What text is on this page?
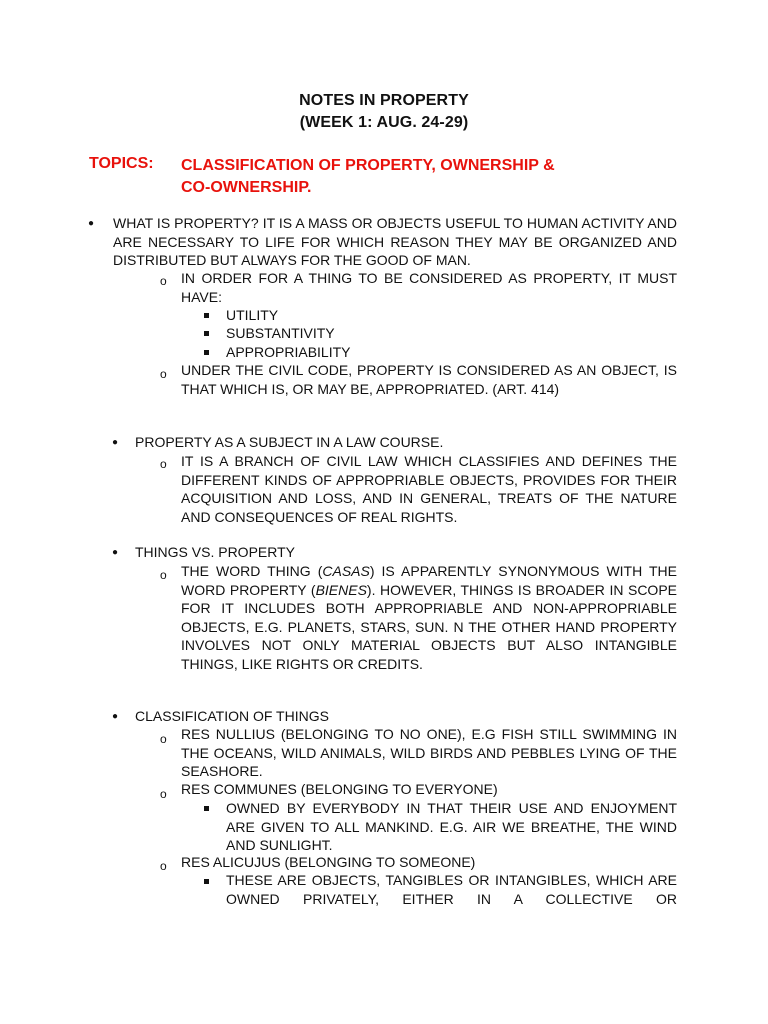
NOTES IN PROPERTY
(WEEK 1: AUG. 24-29)
TOPICS: CLASSIFICATION OF PROPERTY, OWNERSHIP &
CO-OWNERSHIP.
● WHAT IS PROPERTY? IT IS A MASS OR OBJECTS USEFUL TO HUMAN ACTIVITY AND ARE NECESSARY TO LIFE FOR WHICH REASON THEY MAY BE ORGANIZED AND DISTRIBUTED BUT ALWAYS FOR THE GOOD OF MAN.
o IN ORDER FOR A THING TO BE CONSIDERED AS PROPERTY, IT MUST HAVE:
UTILITY
SUBSTANTIVITY
APPROPRIABILITY
o UNDER THE CIVIL CODE, PROPERTY IS CONSIDERED AS AN OBJECT, IS THAT WHICH IS, OR MAY BE, APPROPRIATED. (ART. 414)
● PROPERTY AS A SUBJECT IN A LAW COURSE.
o IT IS A BRANCH OF CIVIL LAW WHICH CLASSIFIES AND DEFINES THE DIFFERENT KINDS OF APPROPRIABLE OBJECTS, PROVIDES FOR THEIR ACQUISITION AND LOSS, AND IN GENERAL, TREATS OF THE NATURE AND CONSEQUENCES OF REAL RIGHTS.
● THINGS VS. PROPERTY
o THE WORD THING (CASAS) IS APPARENTLY SYNONYMOUS WITH THE WORD PROPERTY (BIENES). HOWEVER, THINGS IS BROADER IN SCOPE FOR IT INCLUDES BOTH APPROPRIABLE AND NON-APPROPRIABLE OBJECTS, E.G. PLANETS, STARS, SUN. N THE OTHER HAND PROPERTY INVOLVES NOT ONLY MATERIAL OBJECTS BUT ALSO INTANGIBLE THINGS, LIKE RIGHTS OR CREDITS.
● CLASSIFICATION OF THINGS
o RES NULLIUS (BELONGING TO NO ONE), E.G FISH STILL SWIMMING IN THE OCEANS, WILD ANIMALS, WILD BIRDS AND PEBBLES LYING OF THE SEASHORE.
o RES COMMUNES (BELONGING TO EVERYONE)
OWNED BY EVERYBODY IN THAT THEIR USE AND ENJOYMENT ARE GIVEN TO ALL MANKIND. E.G. AIR WE BREATHE, THE WIND AND SUNLIGHT.
o RES ALICUJUS (BELONGING TO SOMEONE)
THESE ARE OBJECTS, TANGIBLES OR INTANGIBLES, WHICH ARE OWNED PRIVATELY, EITHER IN A COLLECTIVE OR
